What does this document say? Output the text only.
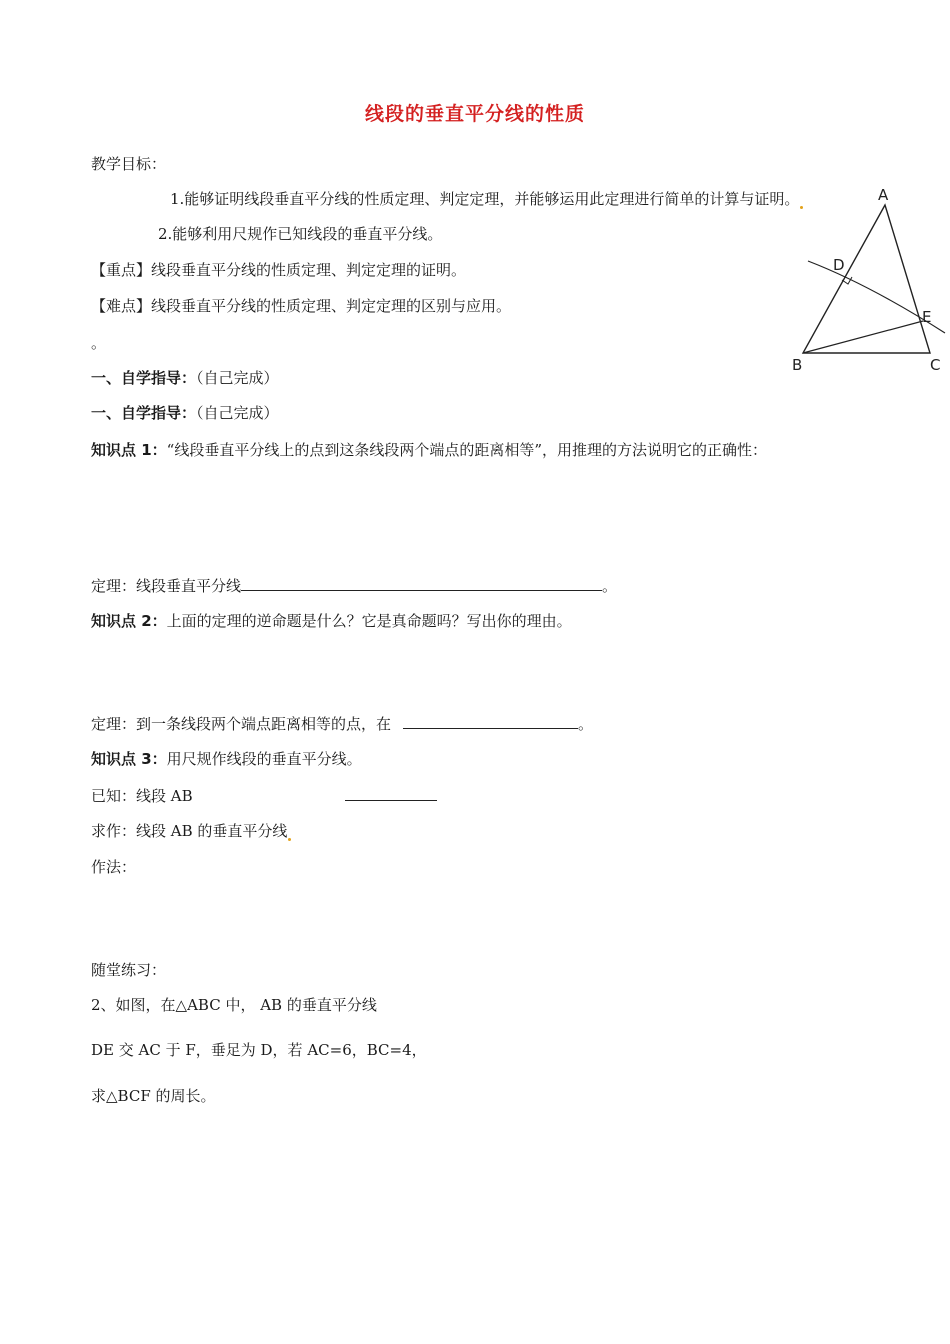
线段的垂直平分线的性质
教学目标：
1.能够证明线段垂直平分线的性质定理、判定定理，并能够运用此定理进行简单的计算与证明。
2.能够利用尺规作已知线段的垂直平分线。
【重点】线段垂直平分线的性质定理、判定定理的证明。
【难点】线段垂直平分线的性质定理、判定定理的区别与应用。
。
一、自学指导：（自己完成）
一、自学指导：（自己完成）
知识点 1：“线段垂直平分线上的点到这条线段两个端点的距离相等”，用推理的方法说明它的正确性：
定理：线段垂直平分线	。
知识点 2：上面的定理的逆命题是什么？它是真命题吗？写出你的理由。
定理：到一条线段两个端点距离相等的点，在	。
知识点 3：用尺规作线段的垂直平分线。
已知：线段 AB
求作：线段 AB 的垂直平分线
作法：
随堂练习：
2、如图，在△ABC 中， AB 的垂直平分线
DE 交 AC 于 F，垂足为 D，若 AC=6，BC=4，
求△BCF 的周长。
A
B	C
D
E
